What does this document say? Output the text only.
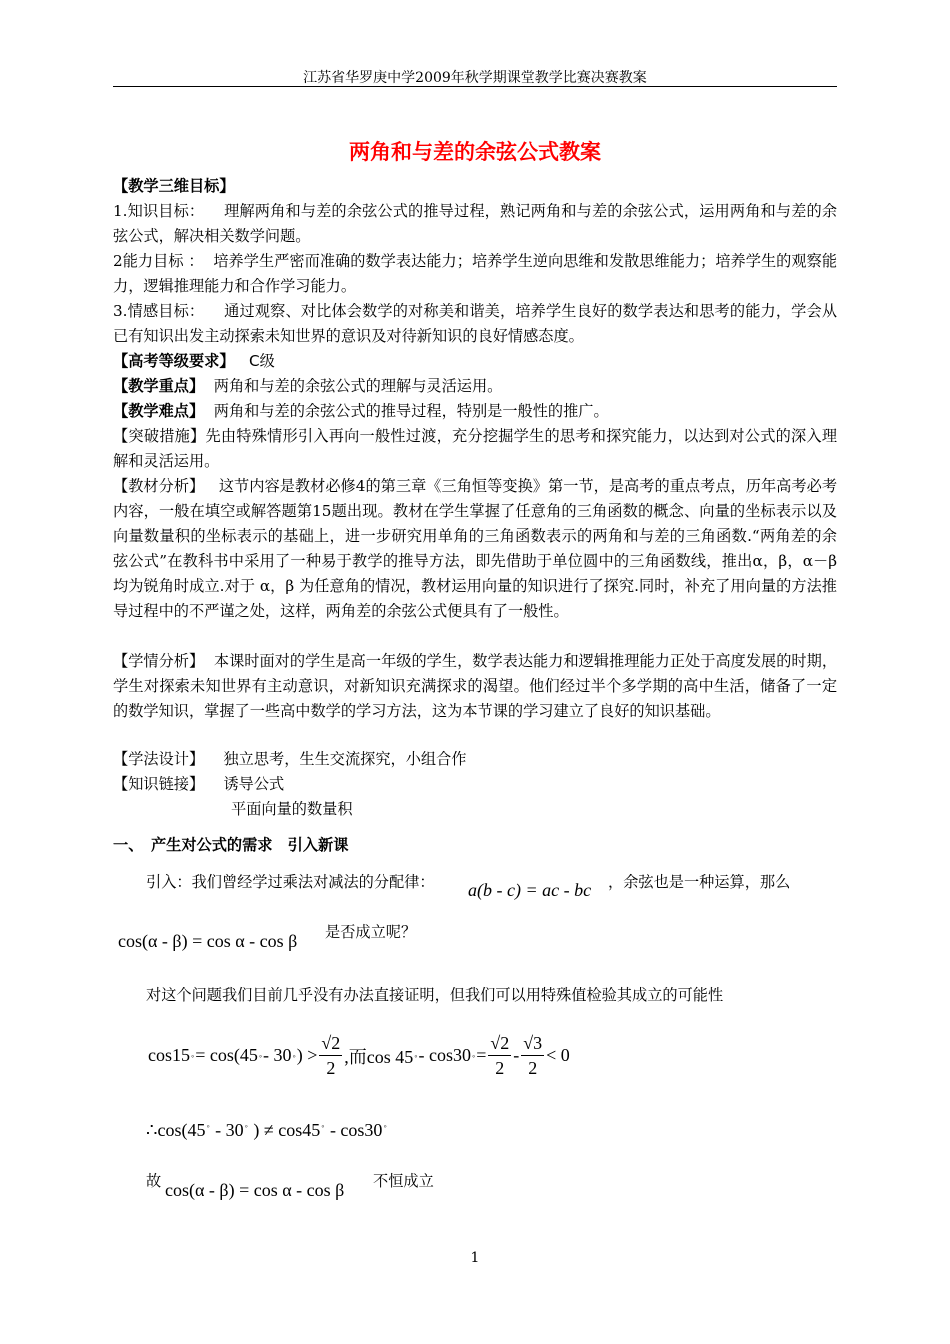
江苏省华罗庚中学2009年秋学期课堂教学比赛决赛教案
两角和与差的余弦公式教案
【教学三维目标】
1.知识目标： 理解两角和与差的余弦公式的推导过程，熟记两角和与差的余弦公式，运用两角和与差的余弦公式，解决相关数学问题。
2能力目标 ： 培养学生严密而准确的数学表达能力；培养学生逆向思维和发散思维能力；培养学生的观察能力，逻辑推理能力和合作学习能力。
3.情感目标： 通过观察、对比体会数学的对称美和谐美，培养学生良好的数学表达和思考的能力，学会从已有知识出发主动探索未知世界的意识及对待新知识的良好情感态度。
【高考等级要求】 C级
【教学重点】 两角和与差的余弦公式的理解与灵活运用。
【教学难点】 两角和与差的余弦公式的推导过程，特别是一般性的推广。
【突破措施】先由特殊情形引入再向一般性过渡，充分挖掘学生的思考和探究能力，以达到对公式的深入理解和灵活运用。
【教材分析】 这节内容是教材必修4的第三章《三角恒等变换》第一节，是高考的重点考点，历年高考必考内容，一般在填空或解答题第15题出现。教材在学生掌握了任意角的三角函数的概念、向量的坐标表示以及向量数量积的坐标表示的基础上，进一步研究用单角的三角函数表示的两角和与差的三角函数.“两角差的余弦公式”在教科书中采用了一种易于教学的推导方法，即先借助于单位圆中的三角函数线，推出α，β，α－β 均为锐角时成立.对于 α，β 为任意角的情况，教材运用向量的知识进行了探究.同时，补充了用向量的方法推导过程中的不严谨之处，这样，两角差的余弦公式便具有了一般性。
【学情分析】 本课时面对的学生是高一年级的学生，数学表达能力和逻辑推理能力正处于高度发展的时期，学生对探索未知世界有主动意识，对新知识充满探求的渴望。他们经过半个多学期的高中生活，储备了一定的数学知识，掌握了一些高中数学的学习方法，这为本节课的学习建立了良好的知识基础。
【学法设计】 独立思考，生生交流探究，小组合作
【知识链接】 诱导公式
平面向量的数量积
一、　产生对公式的需求　引入新课
引入：我们曾经学过乘法对减法的分配律： a(b - c) = ac - bc ，余弦也是一种运算，那么
cos(α - β) = cos α - cos β 是否成立呢？
对这个问题我们目前几乎没有办法直接证明，但我们可以用特殊值检验其成立的可能性
cos15 ◦ = cos(45 ◦ - 30 ◦ ) > $\frac{√2}{2}$ ,而cos 45 ◦ - cos30 ◦ = $\frac{√2}{2} - \frac{√3}{2} < 0$
∴cos(45◦ - 30◦ ) ≠ cos45◦ - cos30◦
故 cos(α - β) = cos α - cos β 不恒成立
1
